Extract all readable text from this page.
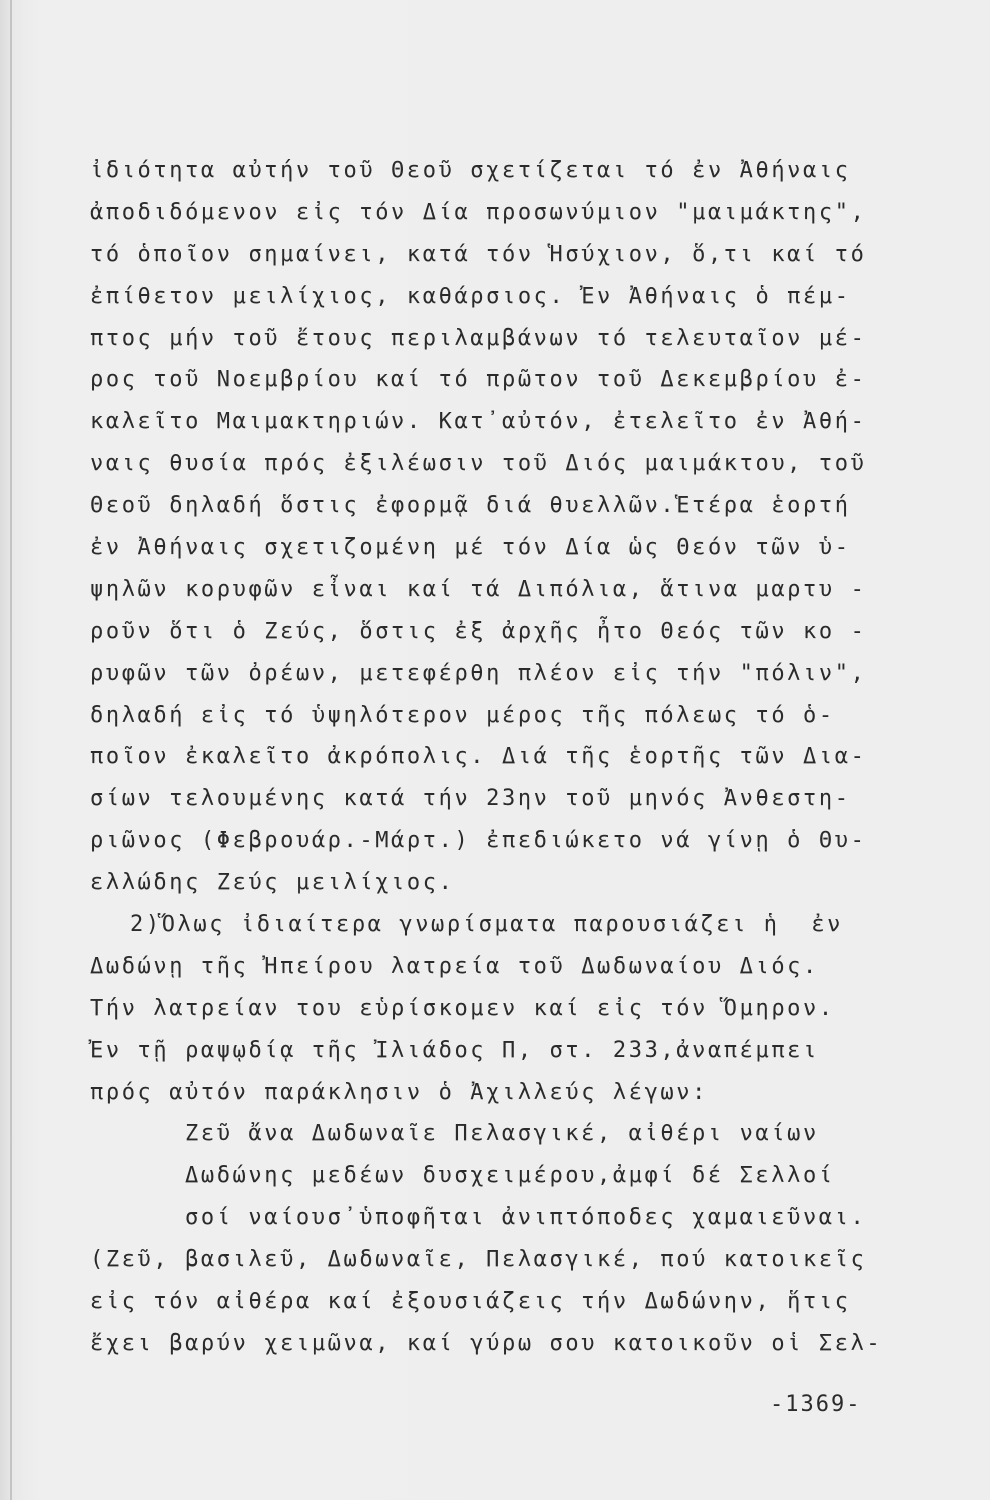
ἰδιότητα αὐτήν τοῦ Θεοῦ σχετίζεται τό ἐν Ἀθήναις
ἀποδιδόμενον εἰς τόν Δία προσωνύμιον "μαιμάκτης",
τό ὁποῖον σημαίνει, κατά τόν Ἡσύχιον, ὅ,τι καί τό
ἐπίθετον μειλίχιος, καθάρσιος. Ἐν Ἀθήναις ὁ πέμ-
πτος μήν τοῦ ἔτους περιλαμβάνων τό τελευταῖον μέ-
ρος τοῦ Νοεμβρίου καί τό πρῶτον τοῦ Δεκεμβρίου ἐ-
καλεῖτο Μαιμακτηριών. Κατ᾽αὐτόν, ἐτελεῖτο ἐν Ἀθή-
ναις θυσία πρός ἐξιλέωσιν τοῦ Διός μαιμάκτου, τοῦ
Θεοῦ δηλαδή ὅστις ἐφορμᾷ διά θυελλῶν.Ἑτέρα ἑορτή
ἐν Ἀθήναις σχετιζομένη μέ τόν Δία ὡς Θεόν τῶν ὑ-
ψηλῶν κορυφῶν εἶναι καί τά Διπόλια, ἅτινα μαρτυ -
ροῦν ὅτι ὁ Ζεύς, ὅστις ἐξ ἀρχῆς ἦτο Θεός τῶν κο -
ρυφῶν τῶν ὀρέων, μετεφέρθη πλέον εἰς τήν "πόλιν",
δηλαδή εἰς τό ὑψηλότερον μέρος τῆς πόλεως τό ὁ-
ποῖον ἐκαλεῖτο ἀκρόπολις. Διά τῆς ἑορτῆς τῶν Δια-
σίων τελουμένης κατά τήν 23ην τοῦ μηνός Ἀνθεστη-
ριῶνος (Φεβρουάρ.-Μάρτ.) ἐπεδιώκετο νά γίνῃ ὁ Θυ-
ελλώδης Ζεύς μειλίχιος.
2)Ὅλως ἰδιαίτερα γνωρίσματα παρουσιάζει ἡ  ἐν
Δωδώνῃ τῆς Ἠπείρου λατρεία τοῦ Δωδωναίου Διός.
Τήν λατρείαν του εὑρίσκομεν καί εἰς τόν Ὅμηρον.
Ἐν τῇ ραψῳδίᾳ τῆς Ἰλιάδος Π, στ. 233,ἀναπέμπει
πρός αὐτόν παράκλησιν ὁ Ἀχιλλεύς λέγων:
Ζεῦ ἄνα Δωδωναῖε Πελασγικέ, αἰθέρι ναίων
Δωδώνης μεδέων δυσχειμέρου,ἀμφί δέ Σελλοί
σοί ναίουσ᾽ὑποφῆται ἀνιπτόποδες χαμαιεῦναι.
(Ζεῦ, βασιλεῦ, Δωδωναῖε, Πελασγικέ, πού κατοικεῖς
εἰς τόν αἰθέρα καί ἐξουσιάζεις τήν Δωδώνην, ἥτις
ἔχει βαρύν χειμῶνα, καί γύρω σου κατοικοῦν οἱ Σελ-
-1369-
